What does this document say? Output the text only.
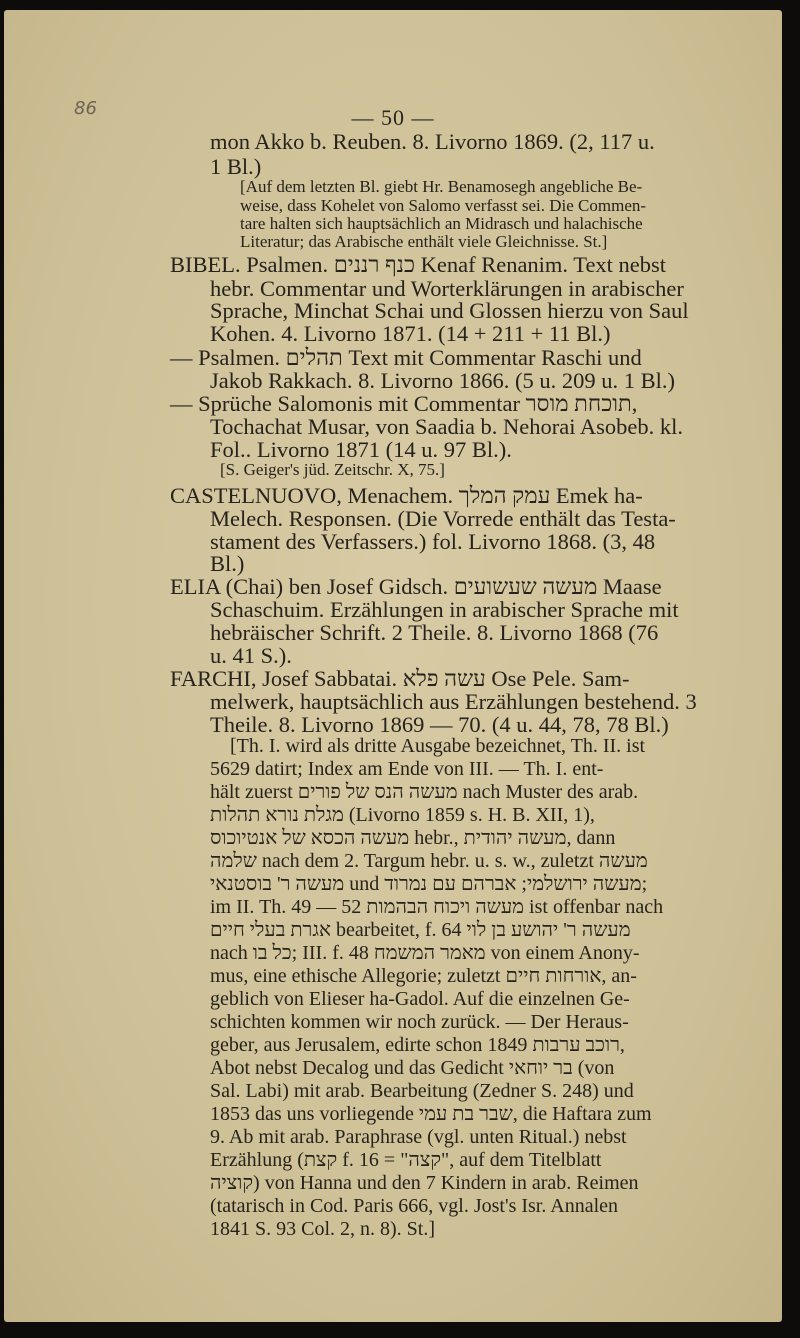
86	— 50 —
mon Akko b. Reuben. 8. Livorno 1869. (2, 117 u.
1 Bl.)
[Auf dem letzten Bl. giebt Hr. Benamosegh angebliche Be-
weise, dass Kohelet von Salomo verfasst sei. Die Commen-
tare halten sich hauptsächlich an Midrasch und halachische
Literatur; das Arabische enthält viele Gleichnisse. St.]
BIBEL. Psalmen. כנף רננים Kenaf Renanim. Text nebst
hebr. Commentar und Worterklärungen in arabischer
Sprache, Minchat Schai und Glossen hierzu von Saul
Kohen. 4. Livorno 1871. (14 + 211 + 11 Bl.)
— Psalmen. תהלים Text mit Commentar Raschi und
Jakob Rakkach. 8. Livorno 1866. (5 u. 209 u. 1 Bl.)
— Sprüche Salomonis mit Commentar תוכחת מוסר,
Tochachat Musar, von Saadia b. Nehorai Asobeb. kl.
Fol.. Livorno 1871 (14 u. 97 Bl.).
[S. Geiger's jüd. Zeitschr. X, 75.]
CASTELNUOVO, Menachem. עמק המלך Emek ha-
Melech. Responsen. (Die Vorrede enthält das Testa-
stament des Verfassers.) fol. Livorno 1868. (3, 48
Bl.)
ELIA (Chai) ben Josef Gidsch. מעשה שעשועים Maase
Schaschuim. Erzählungen in arabischer Sprache mit
hebräischer Schrift. 2 Theile. 8. Livorno 1868 (76
u. 41 S.).
FARCHI, Josef Sabbatai. עשה פלא Ose Pele. Sam-
melwerk, hauptsächlich aus Erzählungen bestehend. 3
Theile. 8. Livorno 1869 — 70. (4 u. 44, 78, 78 Bl.)
[Th. I. wird als dritte Ausgabe bezeichnet, Th. II. ist
5629 datirt; Index am Ende von III. — Th. I. ent-
hält zuerst מעשה הנס של פורים nach Muster des arab.
מגלת נורא תהלות (Livorno 1859 s. H. B. XII, 1),
מעשה הכסא של אנטיוכוס hebr., מעשה יהודית, dann
שלמה nach dem 2. Targum hebr. u. s. w., zuletzt מעשה
מעשה ר' בוסטנאי und מעשה ירושלמי; אברהם עם נמרוד;
im II. Th. 49 — 52 מעשה ויכוח הבהמות ist offenbar nach
אגרת בעלי חיים bearbeitet, f. 64 מעשה ר' יהושע בן לוי
nach כל בו; III. f. 48 מאמר המשמח von einem Anony-
mus, eine ethische Allegorie; zuletzt אורחות חיים, an-
geblich von Elieser ha-Gadol. Auf die einzelnen Ge-
schichten kommen wir noch zurück. — Der Heraus-
geber, aus Jerusalem, edirte schon 1849 רוכב ערבות,
Abot nebst Decalog und das Gedicht בר יוחאי (von
Sal. Labi) mit arab. Bearbeitung (Zedner S. 248) und
1853 das uns vorliegende שבר בת עמי, die Haftara zum
9. Ab mit arab. Paraphrase (vgl. unten Ritual.) nebst
Erzählung (קצת f. 16 = "קצה", auf dem Titelblatt
קוציה) von Hanna und den 7 Kindern in arab. Reimen
(tatarisch in Cod. Paris 666, vgl. Jost's Isr. Annalen
1841 S. 93 Col. 2, n. 8). St.]
